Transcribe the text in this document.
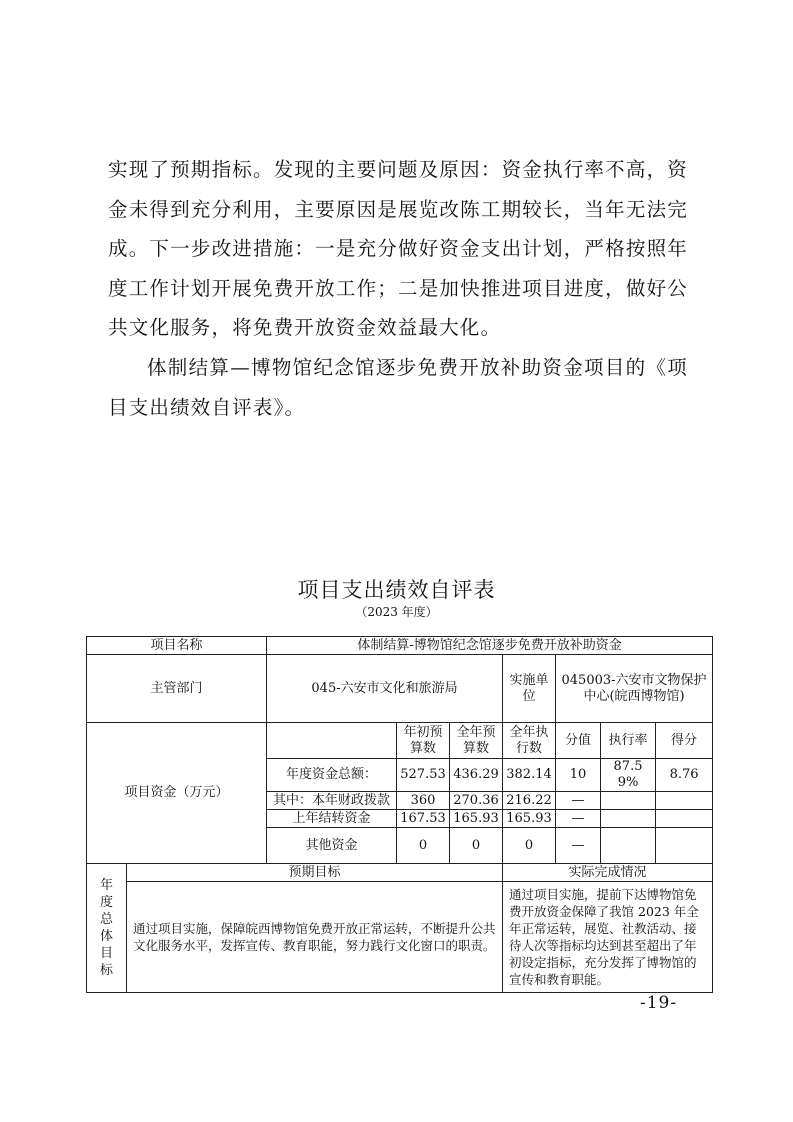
实现了预期指标。发现的主要问题及原因：资金执行率不高，资金未得到充分利用，主要原因是展览改陈工期较长，当年无法完成。下一步改进措施：一是充分做好资金支出计划，严格按照年度工作计划开展免费开放工作；二是加快推进项目进度，做好公共文化服务，将免费开放资金效益最大化。

体制结算—博物馆纪念馆逐步免费开放补助资金项目的《项目支出绩效自评表》。

项目支出绩效自评表
（2023 年度）
项目名称		体制结算-博物馆纪念馆逐步免费开放补助资金						
主管部门		045-六安市文化和旅游局			实施单位	045003-六安市文物保护中心(皖西博物馆)		
项目资金（万元）			年初预算数	全年预算数	全年执行数	分值	执行率	得分
		年度资金总额：	527.53	436.29	382.14	10	87.59%	8.76
		其中：本年财政拨款	360	270.36	216.22	—		
		上年结转资金	167.53	165.93	165.93	—		
		其他资金	0	0	0	—		
年度总体目标	预期目标				实际完成情况			
	通过项目实施，保障皖西博物馆免费开放正常运转，不断提升公共文化服务水平，发挥宣传、教育职能，努力践行文化窗口的职责。				通过项目实施，提前下达博物馆免费开放资金保障了我馆 2023 年全年正常运转，展览、社教活动、接待人次等指标均达到甚至超出了年初设定指标，充分发挥了博物馆的宣传和教育职能。			
-19-
